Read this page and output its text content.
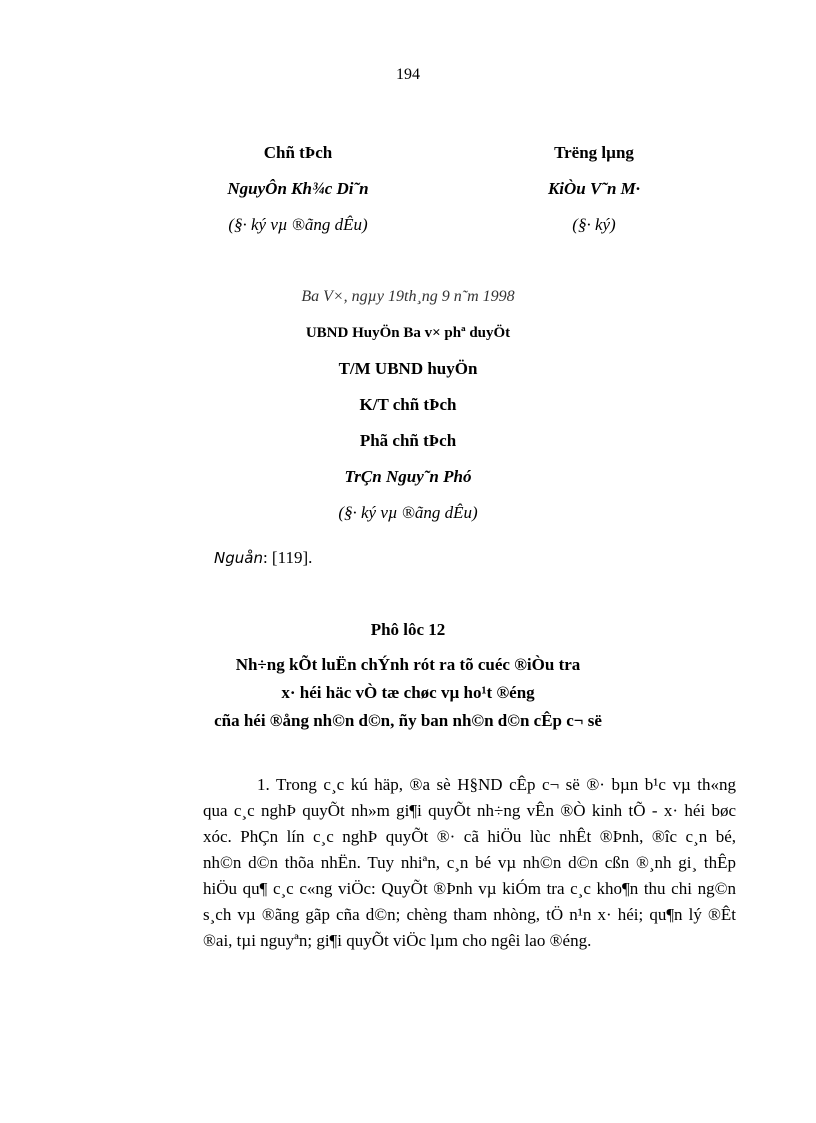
194
Chñ tÞch
NguyÔn Kh¾c Di˜n
(§· ký vµ ®ãng dÊu)
Trëng lµng
KiÒu V˜n M·
(§· ký)
Ba V×, ngµy 19th¸ng 9 n˜m 1998
UBND HuyÖn Ba v× phª duyÖt
T/M UBND huyÖn
K/T chñ tÞch
Phã chñ tÞch
TrÇn Nguy˜n Phó
(§· ký vµ ®ãng dÊu)
Nguån: [119].
Phô lôc 12
Nh÷ng kÕt luËn chÝnh rót ra tõ cuéc ®iÒu tra
x· héi häc vÒ tæ chøc vµ ho¹t ®éng
cña héi ®ång nh©n d©n, ñy ban nh©n d©n cÊp c¬ së
1. Trong c¸c kú häp, ®a sè H§ND cÊp c¬ së ®· bµn b¹c vµ th«ng
qua c¸c nghÞ quyÕt nh»m gi¶i quyÕt nh÷ng vÊn ®Ò kinh tÕ - x· héi bøc
xóc. PhÇn lín c¸c nghÞ quyÕt ®· cã hiÖu lùc nhÊt ®Þnh, ®îc c¸n bé,
nh©n d©n thõa nhËn. Tuy nhiªn, c¸n bé vµ nh©n d©n cßn ®¸nh gi¸ thÊp
hiÖu qu¶ c¸c c«ng viÖc: QuyÕt ®Þnh vµ kiÓm tra c¸c kho¶n thu chi ng©n
s¸ch vµ ®ãng gãp cña d©n; chèng tham nhòng, tÖ n¹n x· héi; qu¶n lý ®Êt
®ai, tµi nguyªn; gi¶i quyÕt viÖc lµm cho ngêi lao ®éng.
